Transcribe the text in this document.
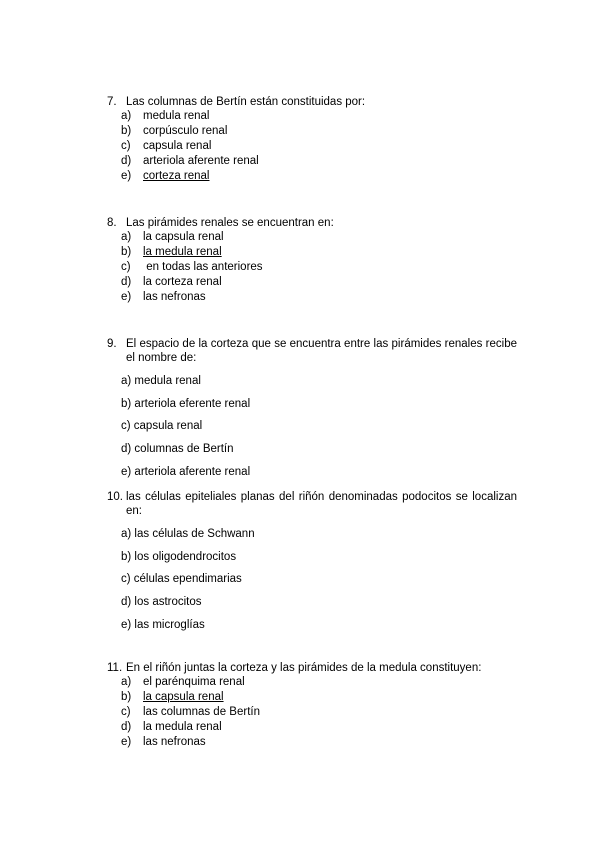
7. Las columnas de Bertín están constituidas por:
a)	medula renal
b)	corpúsculo renal
c)	capsula renal
d)	arteriola aferente renal
e)	corteza renal
8. Las pirámides renales se encuentran en:
a)	la capsula renal
b)	la medula renal
c)	en todas las anteriores
d)	la corteza renal
e)	las nefronas
9. El espacio de la corteza que se encuentra entre las pirámides renales recibe el nombre de:
a) medula renal
b) arteriola eferente renal
c) capsula renal
d) columnas de Bertín
e) arteriola aferente renal
10. las células epiteliales planas del riñón denominadas podocitos se localizan en:
a) las células de Schwann
b) los oligodendrocitos
c) células ependimarias
d) los astrocitos
e) las microglías
11. En el riñón juntas la corteza y las pirámides de la medula constituyen:
a)	el parénquima renal
b)	la capsula renal
c)	las columnas de Bertín
d)	la medula renal
e)	las nefronas
